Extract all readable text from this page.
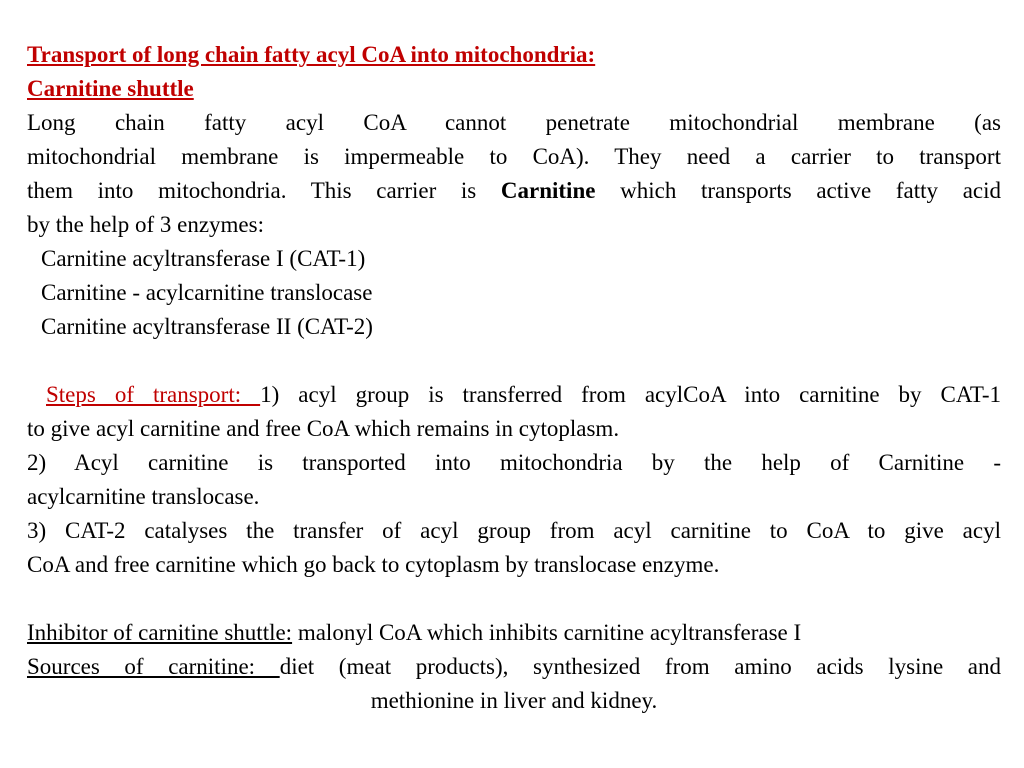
Transport of long chain fatty acyl CoA into mitochondria:
Carnitine shuttle
Long chain fatty acyl CoA cannot penetrate mitochondrial membrane (as
mitochondrial membrane is impermeable to CoA). They need a carrier to transport
them into mitochondria. This carrier is Carnitine which transports active fatty acid
by the help of 3 enzymes:
Carnitine acyltransferase I (CAT-1)
Carnitine - acylcarnitine translocase
Carnitine acyltransferase II (CAT-2)
Steps of transport: 1) acyl group is transferred from acylCoA into carnitine by CAT-1
to give acyl carnitine and free CoA which remains in cytoplasm.
2) Acyl carnitine is transported into mitochondria by the help of Carnitine -
acylcarnitine translocase.
3) CAT-2 catalyses the transfer of acyl group from acyl carnitine to CoA to give acyl
CoA and free carnitine which go back to cytoplasm by translocase enzyme.
Inhibitor of carnitine shuttle: malonyl CoA which inhibits carnitine acyltransferase I
Sources of carnitine: diet (meat products), synthesized from amino acids lysine and
methionine in liver and kidney.
